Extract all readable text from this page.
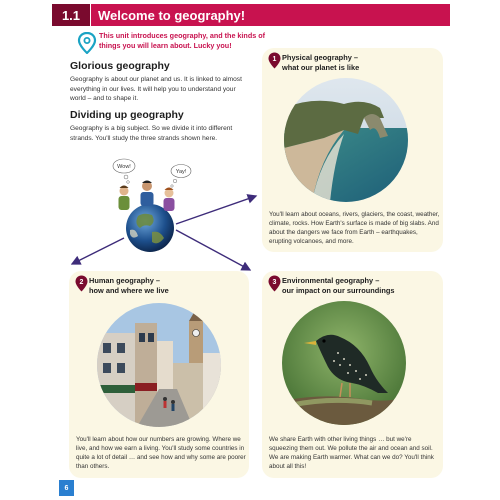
1.1	Welcome to geography!
This unit introduces geography, and the kinds of things you will learn about. Lucky you!
Glorious geography
Geography is about our planet and us. It is linked to almost everything in our lives. It will help you to understand your world – and to shape it.
Dividing up geography
Geography is a big subject. So we divide it into different strands. You'll study the three strands shown here.
Wow!
Yay!
1 Physical geography –
what our planet is like
You'll learn about oceans, rivers, glaciers, the coast, weather, climate, rocks. How Earth's surface is made of big slabs. And about the dangers we face from Earth – earthquakes, erupting volcanoes, and more.
2 Human geography –
how and where we live
You'll learn about how our numbers are growing. Where we live, and how we earn a living. You'll study some countries in quite a lot of detail … and see how and why some are poorer than others.
3 Environmental geography –
our impact on our surroundings
We share Earth with other living things … but we're squeezing them out. We pollute the air and ocean and soil. We are making Earth warmer. What can we do? You'll think about all this!
6
